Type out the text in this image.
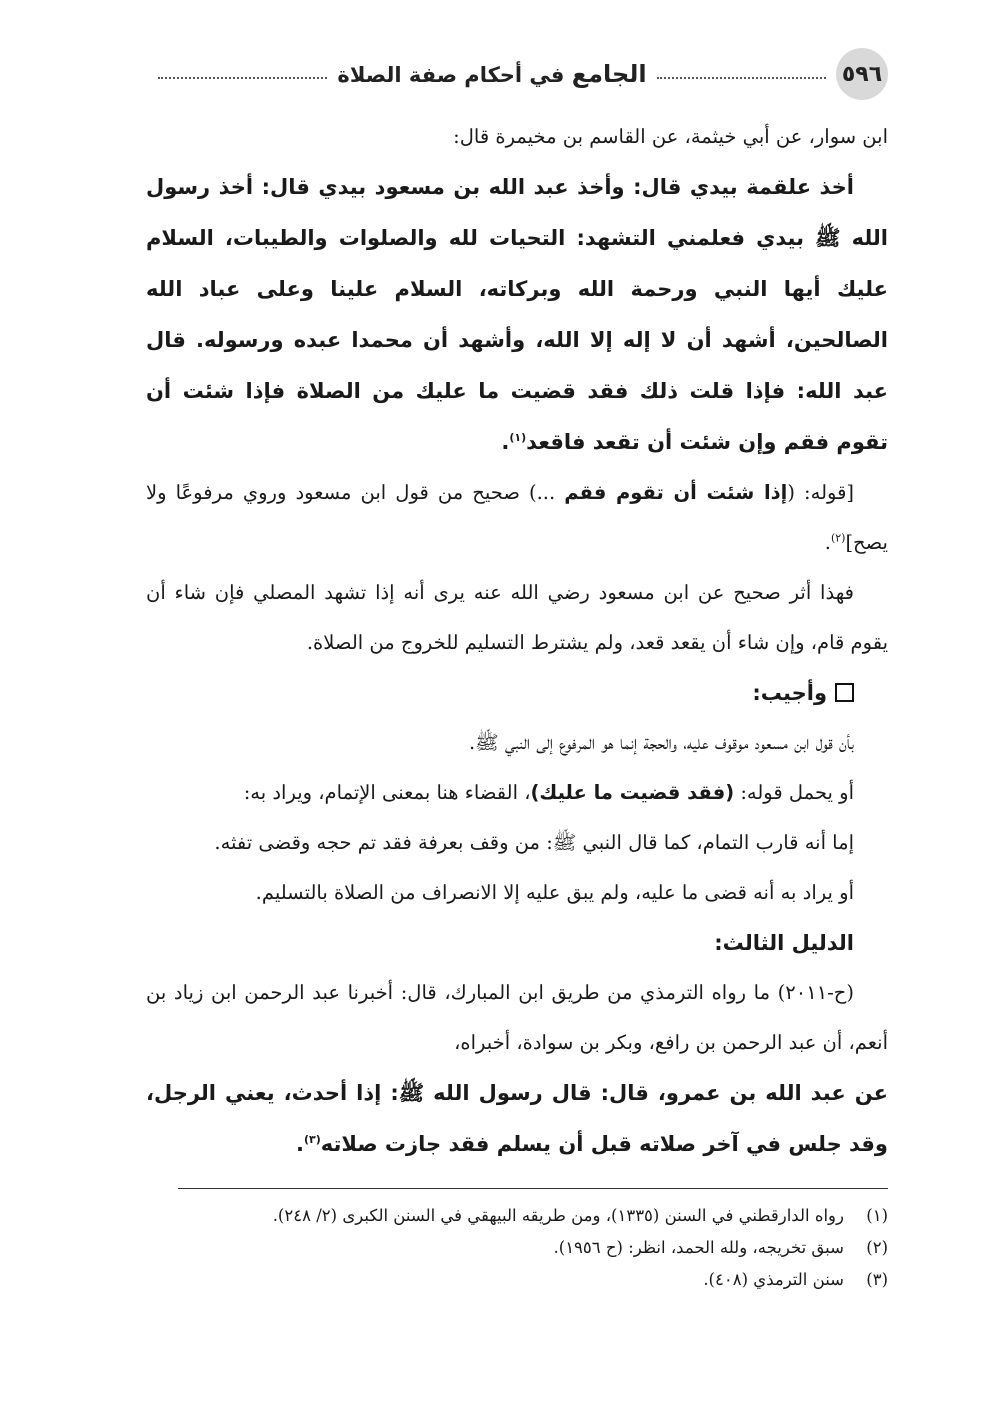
٥٩٦
الجامع في أحكام صفة الصلاة

ابن سوار، عن أبي خيثمة، عن القاسم بن مخيمرة قال:

أخذ علقمة بيدي قال: وأخذ عبد الله بن مسعود بيدي قال: أخذ رسول الله ﷺ بيدي فعلمني التشهد: التحيات لله والصلوات والطيبات، السلام عليك أيها النبي ورحمة الله وبركاته، السلام علينا وعلى عباد الله الصالحين، أشهد أن لا إله إلا الله، وأشهد أن محمدا عبده ورسوله. قال عبد الله: فإذا قلت ذلك فقد قضيت ما عليك من الصلاة فإذا شئت أن تقوم فقم وإن شئت أن تقعد فاقعد$^{(١)}$.

[قوله: (إذا شئت أن تقوم فقم ...) صحيح من قول ابن مسعود وروي مرفوعًا ولا يصح]$^{(٢)}$.

فهذا أثر صحيح عن ابن مسعود رضي الله عنه يرى أنه إذا تشهد المصلي فإن شاء أن يقوم قام، وإن شاء أن يقعد قعد، ولم يشترط التسليم للخروج من الصلاة.

وأجيب:

بأن قول ابن مسعود موقوف عليه، والحجة إنما هو المرفوع إلى النبي ﷺ.

أو يحمل قوله: (فقد قضيت ما عليك)، القضاء هنا بمعنى الإتمام، ويراد به:

إما أنه قارب التمام، كما قال النبي ﷺ: من وقف بعرفة فقد تم حجه وقضى تفثه.

أو يراد به أنه قضى ما عليه، ولم يبق عليه إلا الانصراف من الصلاة بالتسليم.

الدليل الثالث:

(ح-٢٠١١) ما رواه الترمذي من طريق ابن المبارك، قال: أخبرنا عبد الرحمن ابن زياد بن أنعم، أن عبد الرحمن بن رافع، وبكر بن سوادة، أخبراه،

عن عبد الله بن عمرو، قال: قال رسول الله ﷺ: إذا أحدث، يعني الرجل، وقد جلس في آخر صلاته قبل أن يسلم فقد جازت صلاته$^{(٣)}$.

(١)
رواه الدارقطني في السنن (١٣٣٥)، ومن طريقه البيهقي في السنن الكبرى (٢/ ٢٤٨).
(٢)
سبق تخريجه، ولله الحمد، انظر: (ح ١٩٥٦).
(٣)
سنن الترمذي (٤٠٨).
